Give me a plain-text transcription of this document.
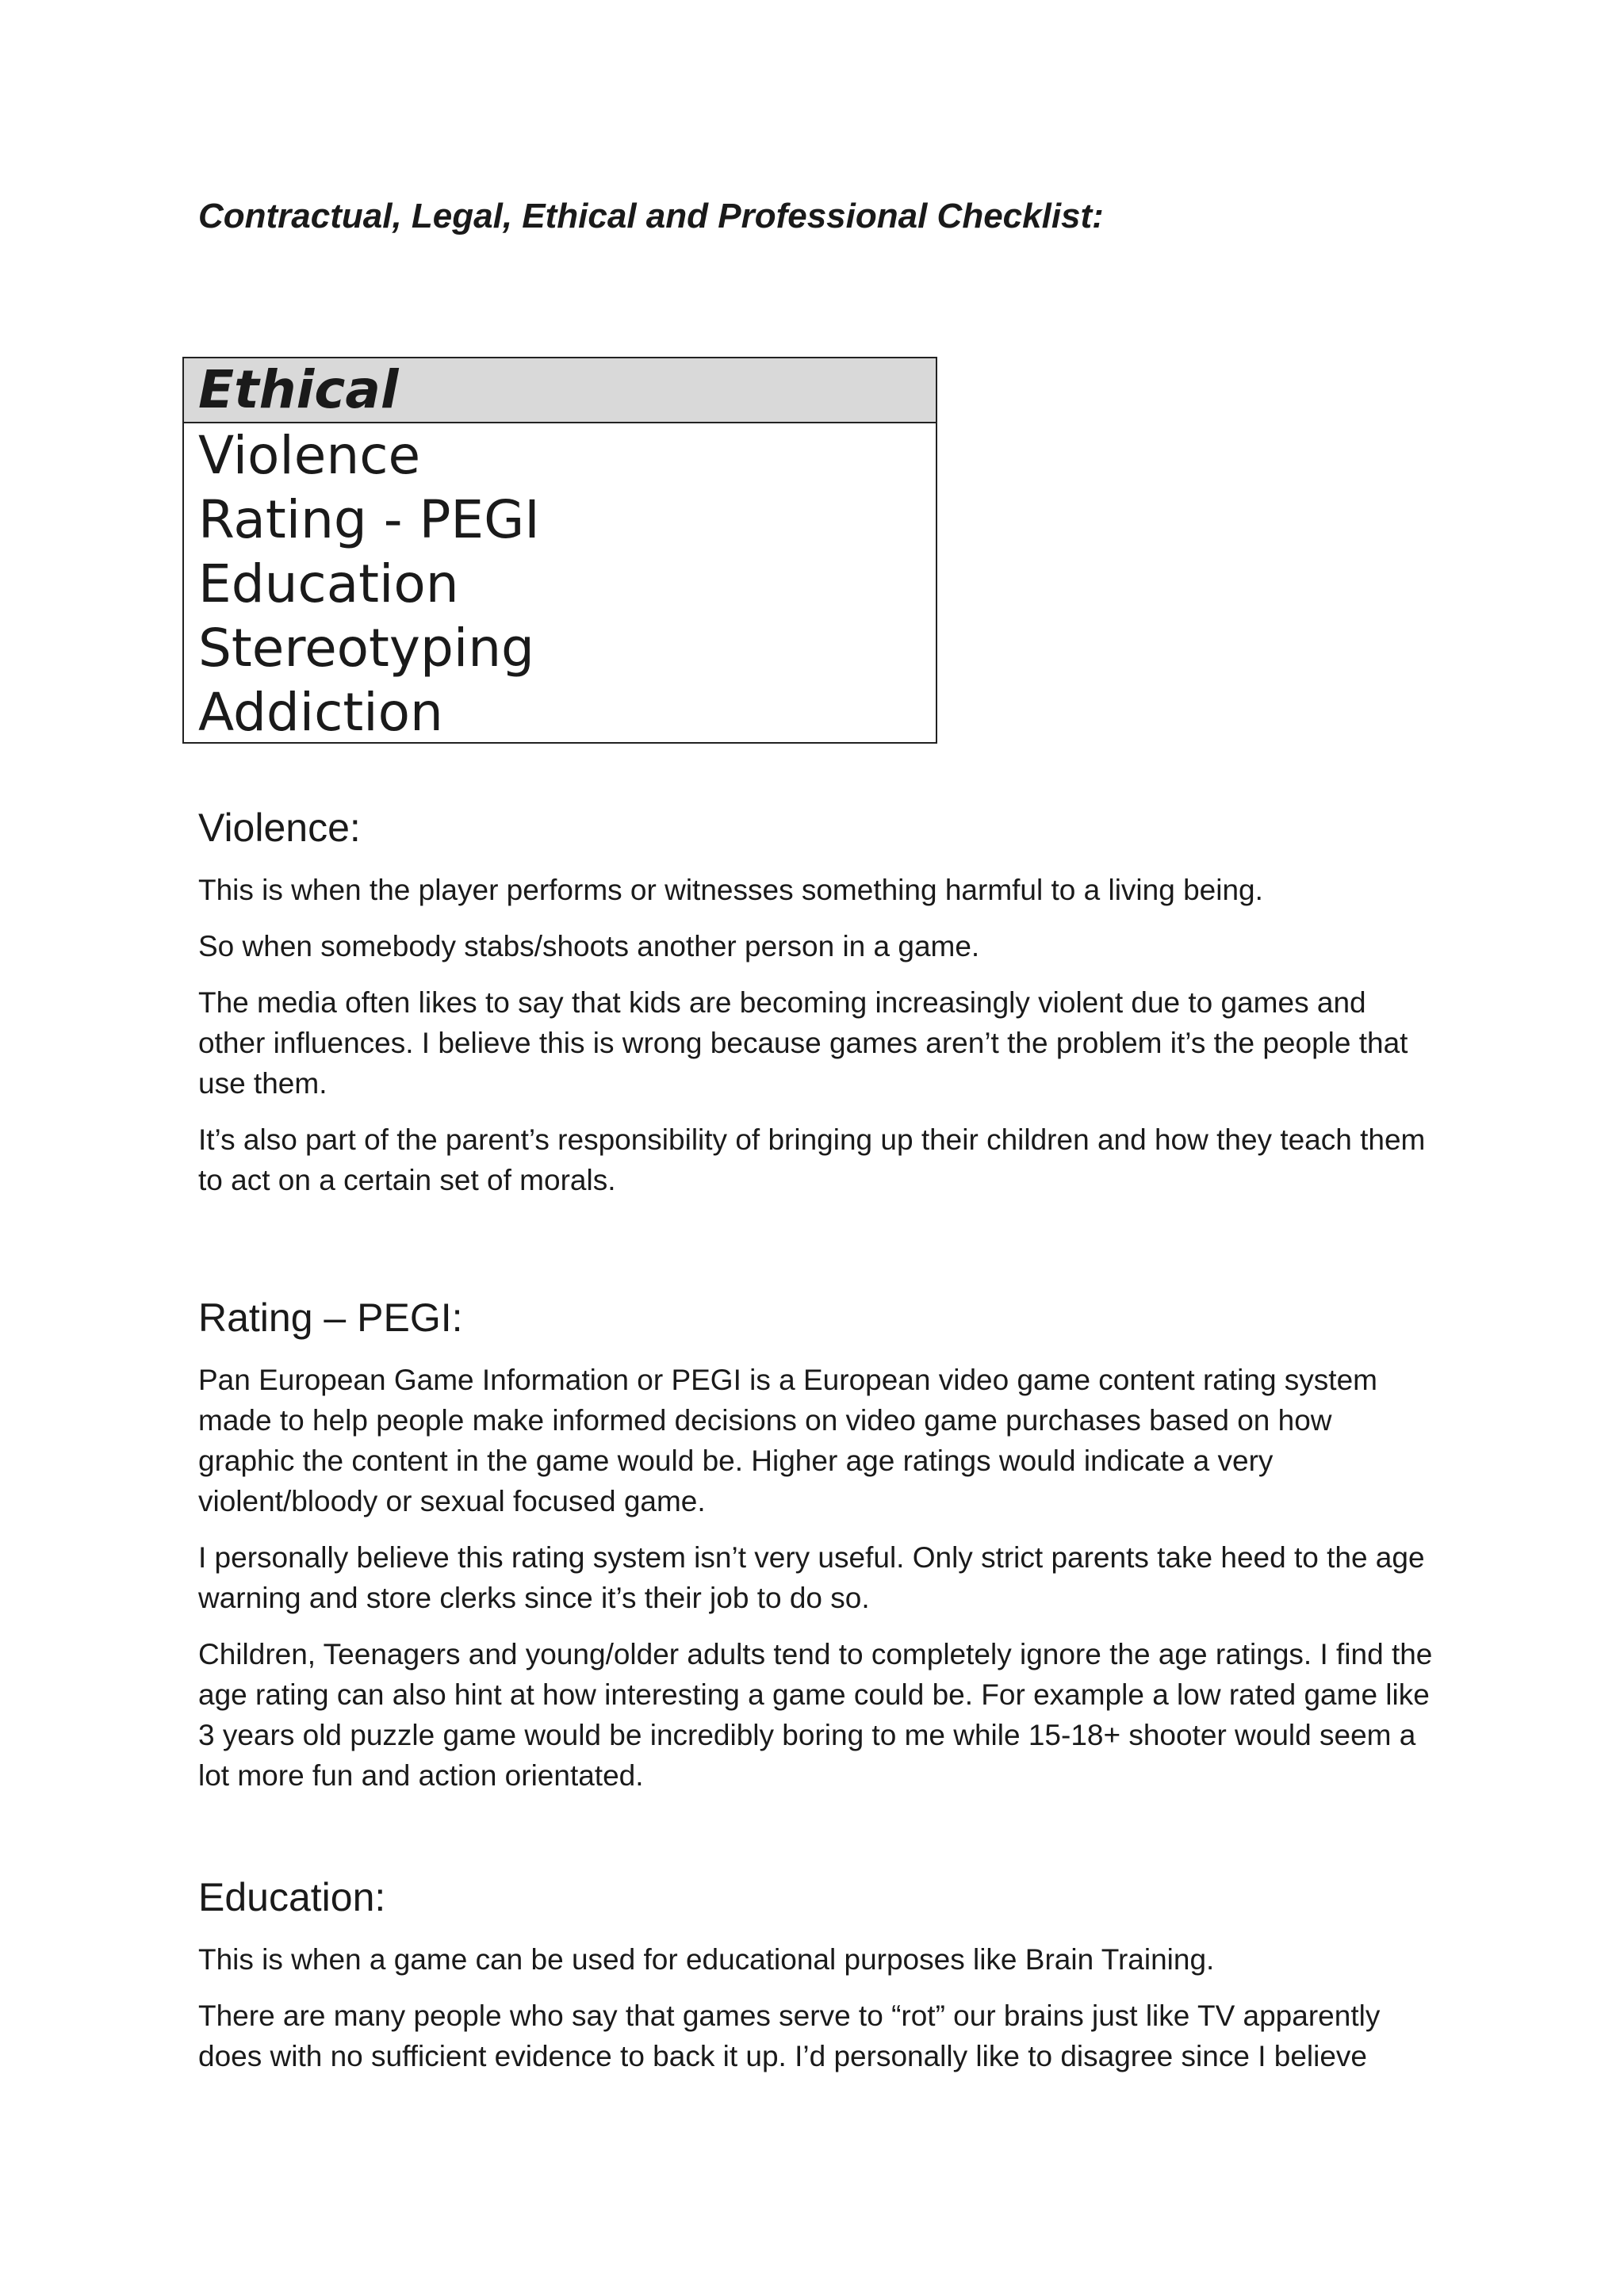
Contractual, Legal, Ethical and Professional Checklist:
Ethical
Violence
Rating - PEGI
Education
Stereotyping
Addiction
Violence:

This is when the player performs or witnesses something harmful to a living being.

So when somebody stabs/shoots another person in a game.

The media often likes to say that kids are becoming increasingly violent due to games and other influences. I believe this is wrong because games aren’t the problem it’s the people that use them.

It’s also part of the parent’s responsibility of bringing up their children and how they teach them to act on a certain set of morals.

Rating – PEGI:

Pan European Game Information or PEGI is a European video game content rating system made to help people make informed decisions on video game purchases based on how graphic the content in the game would be. Higher age ratings would indicate a very violent/bloody or sexual focused game.

I personally believe this rating system isn’t very useful. Only strict parents take heed to the age warning and store clerks since it’s their job to do so.

Children, Teenagers and young/older adults tend to completely ignore the age ratings. I find the age rating can also hint at how interesting a game could be. For example a low rated game like 3 years old puzzle game would be incredibly boring to me while 15-18+ shooter would seem a lot more fun and action orientated.

Education:

This is when a game can be used for educational purposes like Brain Training.

There are many people who say that games serve to “rot” our brains just like TV apparently does with no sufficient evidence to back it up. I’d personally like to disagree since I believe
